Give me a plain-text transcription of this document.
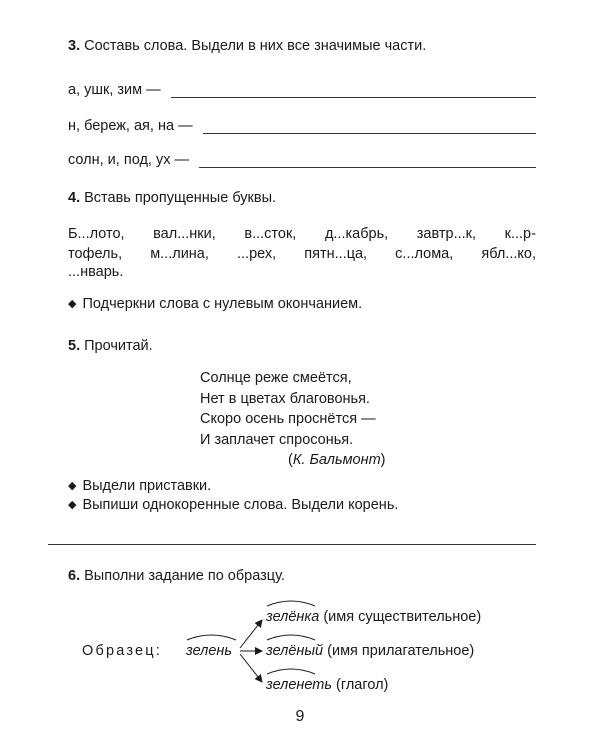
3. Составь слова. Выдели в них все значимые части.
а, ушк, зим —
н, береж, ая, на —
солн, и, под, ух —
4. Вставь пропущенные буквы.
Б...лото, вал...нки, в...сток, д...кабрь, завтр...к, к...р-
тофель, м...лина, ...рех, пятн...ца, с...лома, ябл...ко,
...нварь.
◆ Подчеркни слова с нулевым окончанием.
5. Прочитай.
Солнце реже смеётся,
Нет в цветах благовонья.
Скоро осень проснётся —
И заплачет спросонья.
(К. Бальмонт)
◆ Выдели приставки.
◆ Выпиши однокоренные слова. Выдели корень.
6. Выполни задание по образцу.
Образец: зелень
зелёнка (имя существительное)
зелёный (имя прилагательное)
зеленеть (глагол)
9
